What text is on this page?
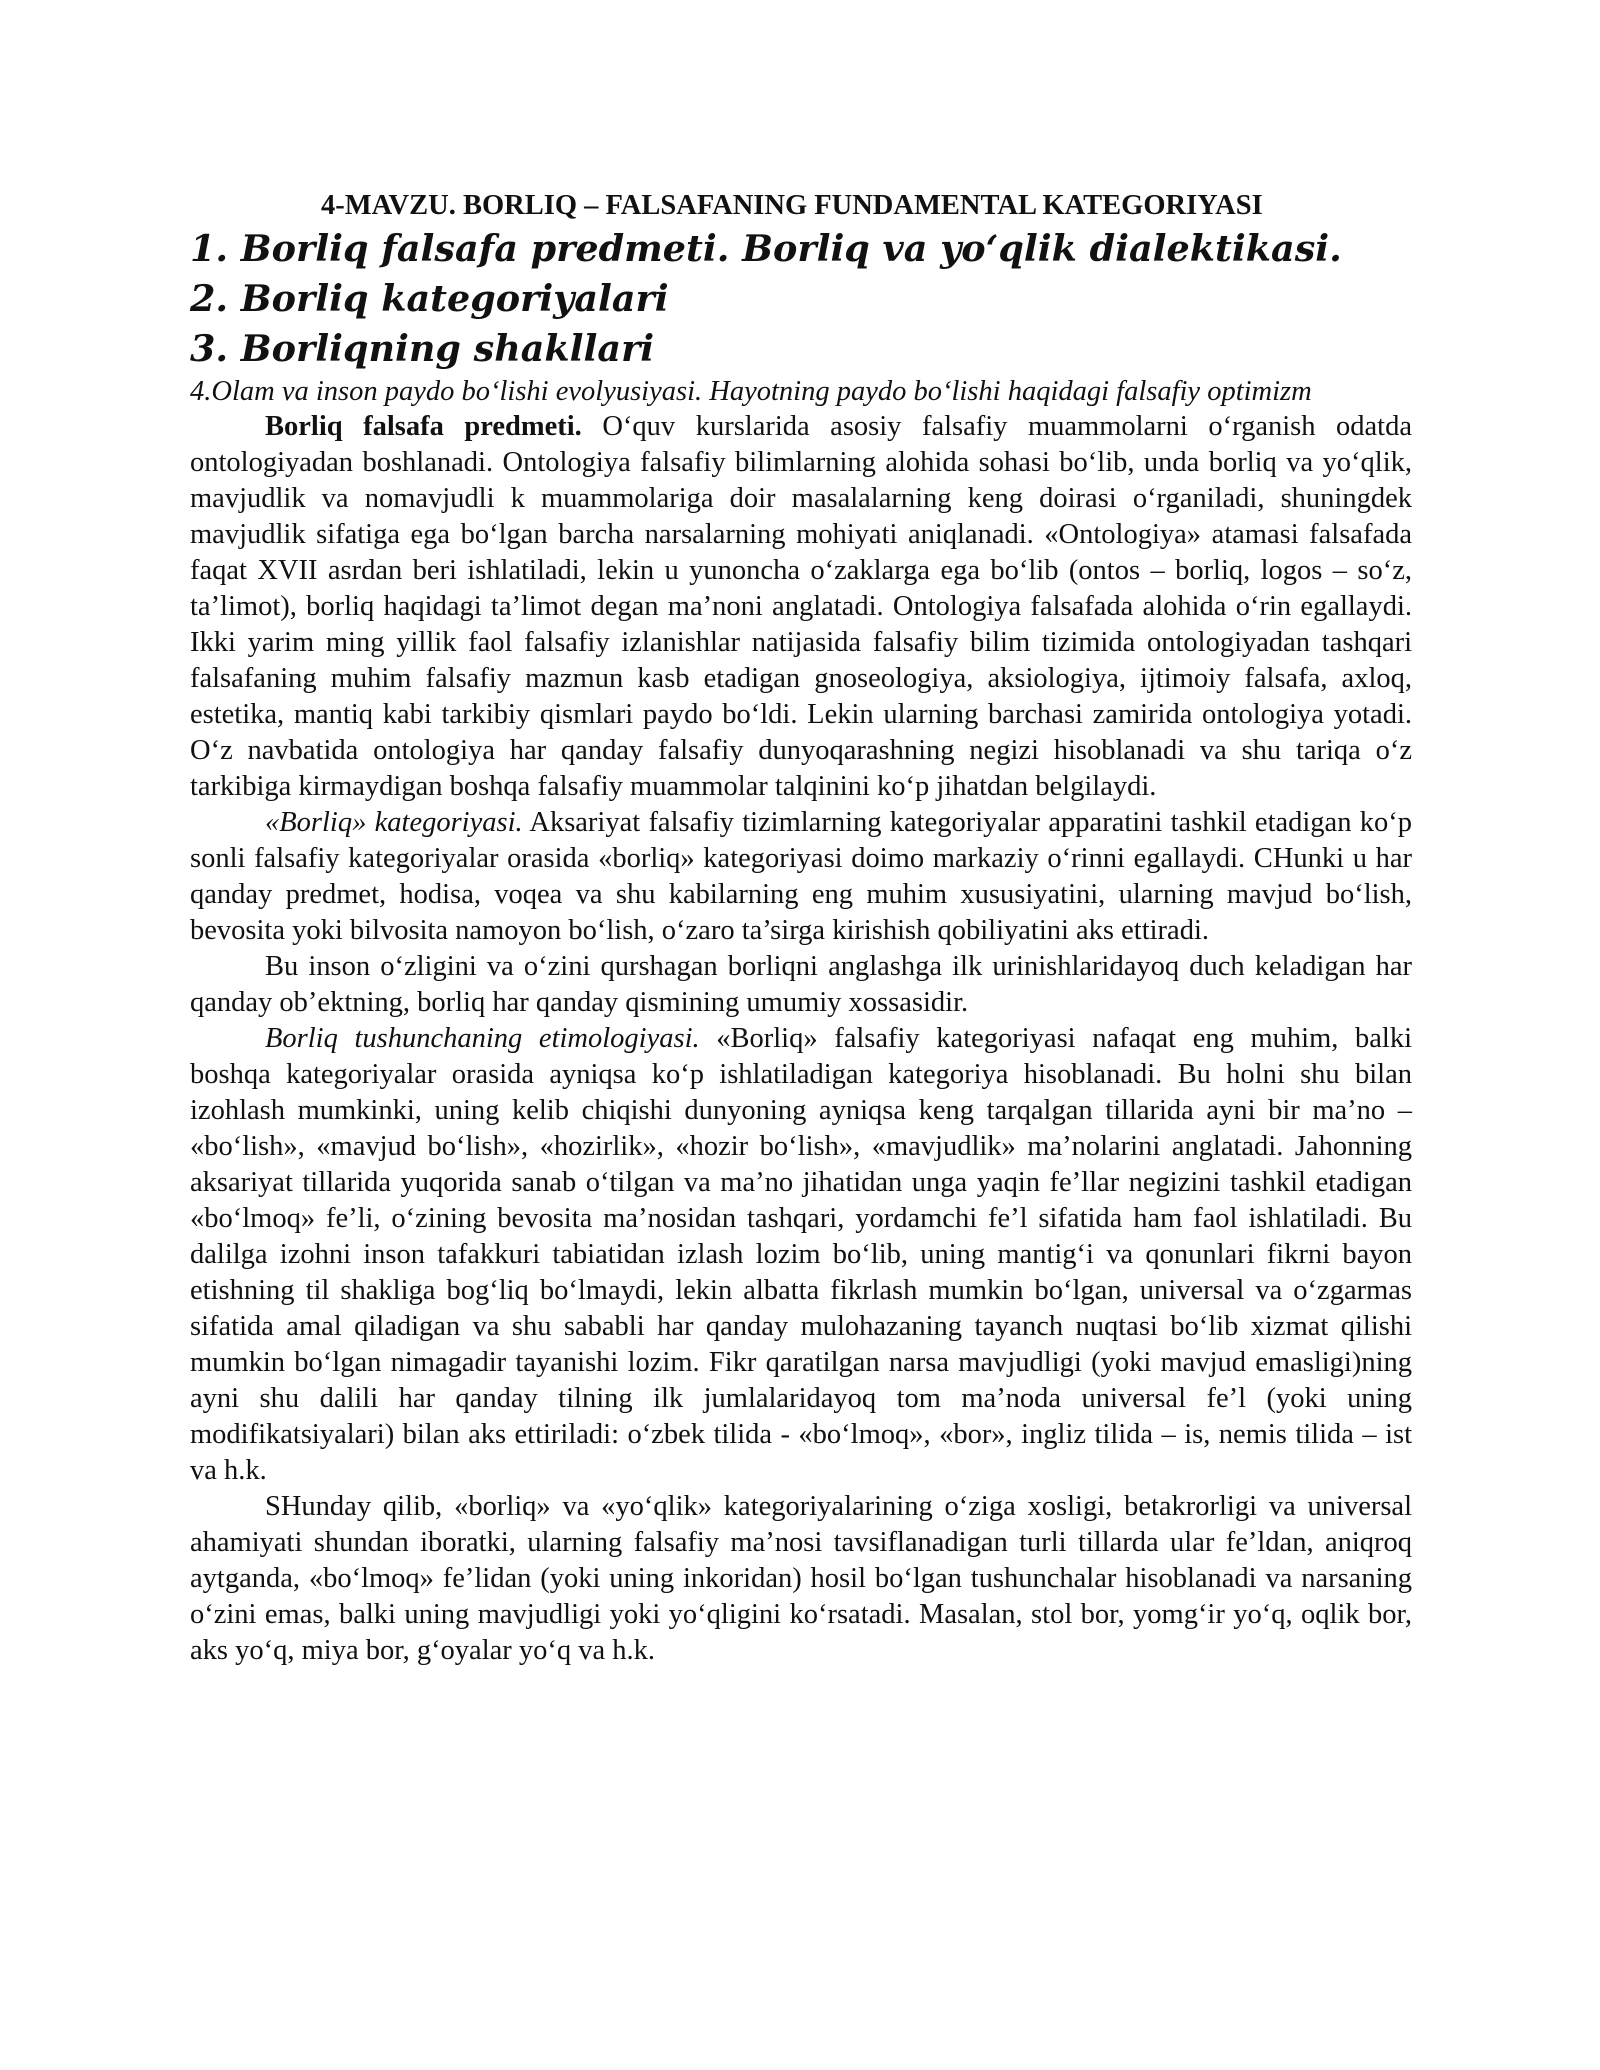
4-MAVZU. BORLIQ – FALSAFANING FUNDAMENTAL KATEGORIYASI
1. Borliq falsafa predmeti. Borliq va yo‘qlik dialektikasi.
2. Borliq kategoriyalari
3. Borliqning shakllari
4.Olam va inson paydo bo‘lishi evolyusiyasi. Hayotning paydo bo‘lishi haqidagi falsafiy optimizm

Borliq falsafa predmeti. O‘quv kurslarida asosiy falsafiy muammolarni o‘rganish odatda ontologiyadan boshlanadi. Ontologiya falsafiy bilimlarning alohida sohasi bo‘lib, unda borliq va yo‘qlik, mavjudlik va nomavjudli k muammolariga doir masalalarning keng doirasi o‘rganiladi, shuningdek mavjudlik sifatiga ega bo‘lgan barcha narsalarning mohiyati aniqlanadi. «Ontologiya» atamasi falsafada faqat XVII asrdan beri ishlatiladi, lekin u yunoncha o‘zaklarga ega bo‘lib (ontos – borliq, logos – so‘z, ta’limot), borliq haqidagi ta’limot degan ma’noni anglatadi. Ontologiya falsafada alohida o‘rin egallaydi. Ikki yarim ming yillik faol falsafiy izlanishlar natijasida falsafiy bilim tizimida ontologiyadan tashqari falsafaning muhim falsafiy mazmun kasb etadigan gnoseologiya, aksiologiya, ijtimoiy falsafa, axloq, estetika, mantiq kabi tarkibiy qismlari paydo bo‘ldi. Lekin ularning barchasi zamirida ontologiya yotadi. O‘z navbatida ontologiya har qanday falsafiy dunyoqarashning negizi hisoblanadi va shu tariqa o‘z tarkibiga kirmaydigan boshqa falsafiy muammolar talqinini ko‘p jihatdan belgilaydi.

«Borliq» kategoriyasi. Aksariyat falsafiy tizimlarning kategoriyalar apparatini tashkil etadigan ko‘p sonli falsafiy kategoriyalar orasida «borliq» kategoriyasi doimo markaziy o‘rinni egallaydi. CHunki u har qanday predmet, hodisa, voqea va shu kabilarning eng muhim xususiyatini, ularning mavjud bo‘lish, bevosita yoki bilvosita namoyon bo‘lish, o‘zaro ta’sirga kirishish qobiliyatini aks ettiradi.

Bu inson o‘zligini va o‘zini qurshagan borliqni anglashga ilk urinishlaridayoq duch keladigan har qanday ob’ektning, borliq har qanday qismining umumiy xossasidir.

Borliq tushunchaning etimologiyasi. «Borliq» falsafiy kategoriyasi nafaqat eng muhim, balki boshqa kategoriyalar orasida ayniqsa ko‘p ishlatiladigan kategoriya hisoblanadi. Bu holni shu bilan izohlash mumkinki, uning kelib chiqishi dunyoning ayniqsa keng tarqalgan tillarida ayni bir ma’no – «bo‘lish», «mavjud bo‘lish», «hozirlik», «hozir bo‘lish», «mavjudlik» ma’nolarini anglatadi. Jahonning aksariyat tillarida yuqorida sanab o‘tilgan va ma’no jihatidan unga yaqin fe’llar negizini tashkil etadigan «bo‘lmoq» fe’li, o‘zining bevosita ma’nosidan tashqari, yordamchi fe’l sifatida ham faol ishlatiladi. Bu dalilga izohni inson tafakkuri tabiatidan izlash lozim bo‘lib, uning mantig‘i va qonunlari fikrni bayon etishning til shakliga bog‘liq bo‘lmaydi, lekin albatta fikrlash mumkin bo‘lgan, universal va o‘zgarmas sifatida amal qiladigan va shu sababli har qanday mulohazaning tayanch nuqtasi bo‘lib xizmat qilishi mumkin bo‘lgan nimagadir tayanishi lozim. Fikr qaratilgan narsa mavjudligi (yoki mavjud emasligi)ning ayni shu dalili har qanday tilning ilk jumlalaridayoq tom ma’noda universal fe’l (yoki uning modifikatsiyalari) bilan aks ettiriladi: o‘zbek tilida - «bo‘lmoq», «bor», ingliz tilida – is, nemis tilida – ist va h.k.

SHunday qilib, «borliq» va «yo‘qlik» kategoriyalarining o‘ziga xosligi, betakrorligi va universal ahamiyati shundan iboratki, ularning falsafiy ma’nosi tavsiflanadigan turli tillarda ular fe’ldan, aniqroq aytganda, «bo‘lmoq» fe’lidan (yoki uning inkoridan) hosil bo‘lgan tushunchalar hisoblanadi va narsaning o‘zini emas, balki uning mavjudligi yoki yo‘qligini ko‘rsatadi. Masalan, stol bor, yomg‘ir yo‘q, oqlik bor, aks yo‘q, miya bor, g‘oyalar yo‘q va h.k.
